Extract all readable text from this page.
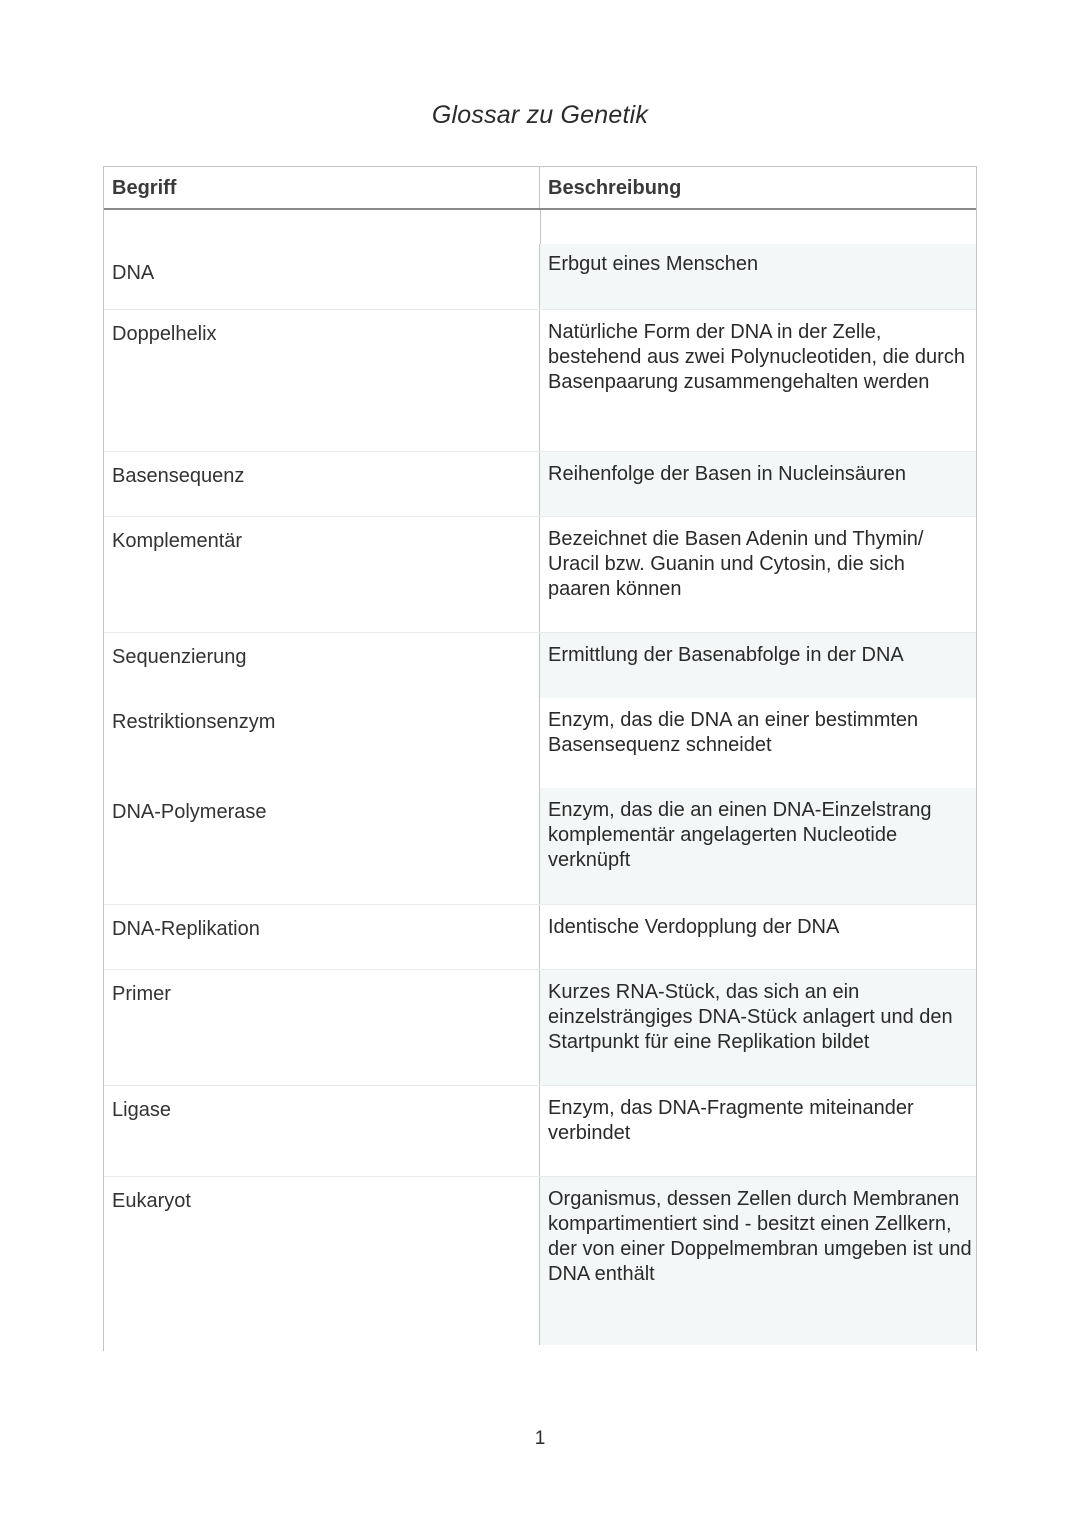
Glossar zu Genetik
Begriff	Beschreibung
DNA	Erbgut eines Menschen
Doppelhelix	Natürliche Form der DNA in der Zelle, bestehend aus zwei Polynucleotiden, die durch Basenpaarung zusammengehalten werden
Basensequenz	Reihenfolge der Basen in Nucleinsäuren
Komplementär	Bezeichnet die Basen Adenin und Thymin/ Uracil bzw. Guanin und Cytosin, die sich paaren können
Sequenzierung	Ermittlung der Basenabfolge in der DNA
Restriktionsenzym	Enzym, das die DNA an einer bestimmten Basensequenz schneidet
DNA-Polymerase	Enzym, das die an einen DNA-Einzelstrang komplementär angelagerten Nucleotide verknüpft
DNA-Replikation	Identische Verdopplung der DNA
Primer	Kurzes RNA-Stück, das sich an ein einzelsträngiges DNA-Stück anlagert und den Startpunkt für eine Replikation bildet
Ligase	Enzym, das DNA-Fragmente miteinander verbindet
Eukaryot	Organismus, dessen Zellen durch Membranen kompartimentiert sind - besitzt einen Zellkern, der von einer Doppelmembran umgeben ist und DNA enthält
1
